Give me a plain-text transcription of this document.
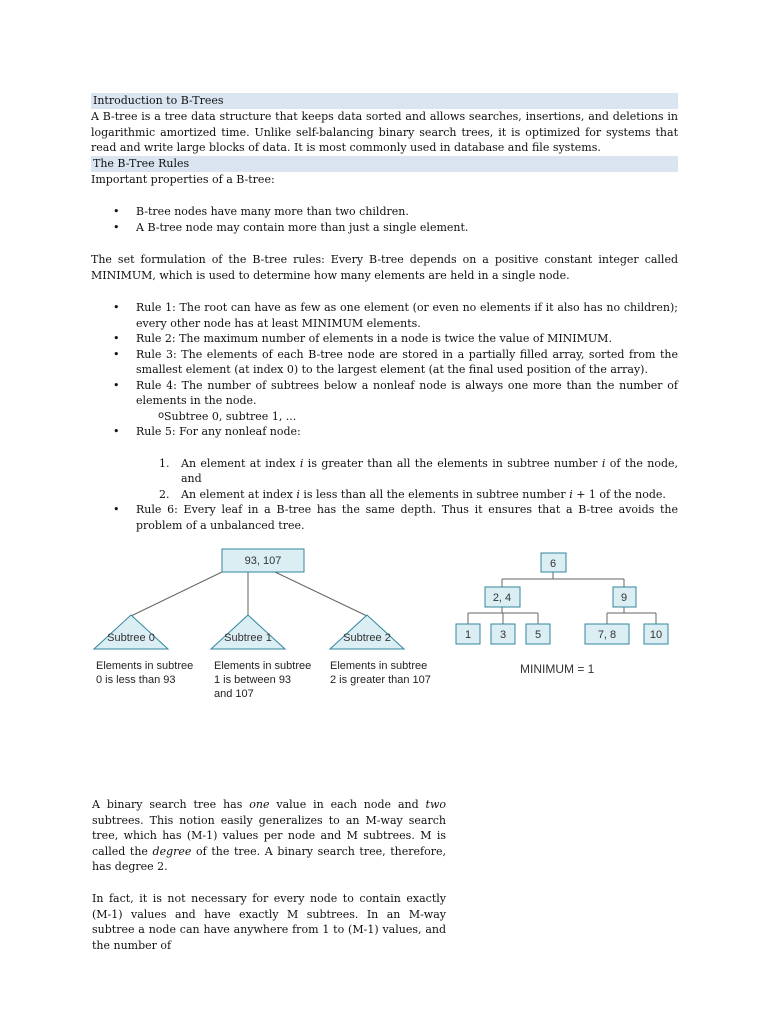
Introduction to B-Trees

A B-tree is a tree data structure that keeps data sorted and allows searches, insertions, and deletions in logarithmic amortized time. Unlike self-balancing binary search trees, it is optimized for systems that read and write large blocks of data. It is most commonly used in database and file systems.

The B-Tree Rules

Important properties of a B-tree:

• B-tree nodes have many more than two children.
• A B-tree node may contain more than just a single element.

The set formulation of the B-tree rules: Every B-tree depends on a positive constant integer called MINIMUM, which is used to determine how many elements are held in a single node.

• Rule 1: The root can have as few as one element (or even no elements if it also has no children); every other node has at least MINIMUM elements.
• Rule 2: The maximum number of elements in a node is twice the value of MINIMUM.
• Rule 3: The elements of each B-tree node are stored in a partially filled array, sorted from the smallest element (at index 0) to the largest element (at the final used position of the array).
• Rule 4: The number of subtrees below a nonleaf node is always one more than the number of elements in the node.
o Subtree 0, subtree 1, ...
• Rule 5: For any nonleaf node:
1. An element at index i is greater than all the elements in subtree number i of the node, and
2. An element at index i is less than all the elements in subtree number i + 1 of the node.
• Rule 6: Every leaf in a B-tree has the same depth. Thus it ensures that a B-tree avoids the problem of a unbalanced tree.
93, 107
Subtree 0	Subtree 1	Subtree 2
Elements in subtree
0 is less than 93
Elements in subtree
1 is between 93
and 107
Elements in subtree
2 is greater than 107
6
2, 4	9
1	3	5	7, 8	10
MINIMUM = 1

A binary search tree has one value in each node and two subtrees. This notion easily generalizes to an M-way search tree, which has (M-1) values per node and M subtrees. M is called the degree of the tree. A binary search tree, therefore, has degree 2.

In fact, it is not necessary for every node to contain exactly (M-1) values and have exactly M subtrees. In an M-way subtree a node can have anywhere from 1 to (M-1) values, and the number of
